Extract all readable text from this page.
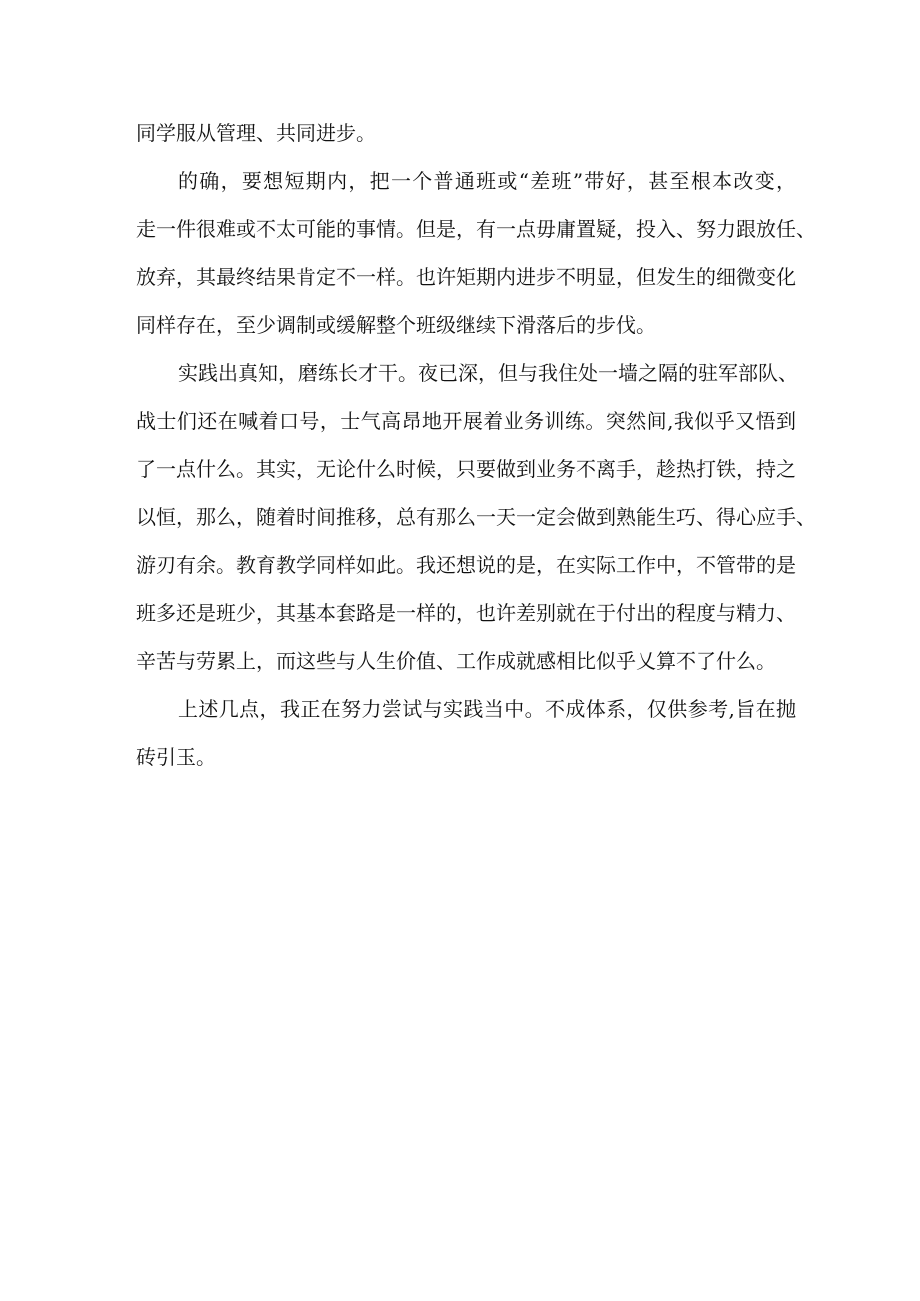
同学服从管理、共同进步。
的确，要想短期内，把一个普通班或“差班”带好，甚至根本改变，
走一件很难或不太可能的事情。但是，有一点毋庸置疑，投入、努力跟放任、
放弃，其最终结果肯定不一样。也许矩期内进步不明显，但发生的细微变化
同样存在，至少调制或缓解整个班级继续下滑落后的步伐。
实践出真知，磨练长才干。夜已深，但与我住处一墙之隔的驻军部队、
战士们还在喊着口号，士气高昂地开展着业务训练。突然间,我似乎又悟到
了一点什么。其实，无论什么时候，只要做到业务不离手，趁热打铁，持之
以恒，那么，随着时间推移，总有那么一天一定会做到熟能生巧、得心应手、
游刃有余。教育教学同样如此。我还想说的是，在实际工作中，不管带的是
班多还是班少，其基本套路是一样的，也许差别就在于付出的程度与精力、
辛苦与劳累上，而这些与人生价值、工作成就感相比似乎乂算不了什么。
上述几点，我正在努力尝试与实践当中。不成体系，仅供参考,旨在抛
砖引玉。
